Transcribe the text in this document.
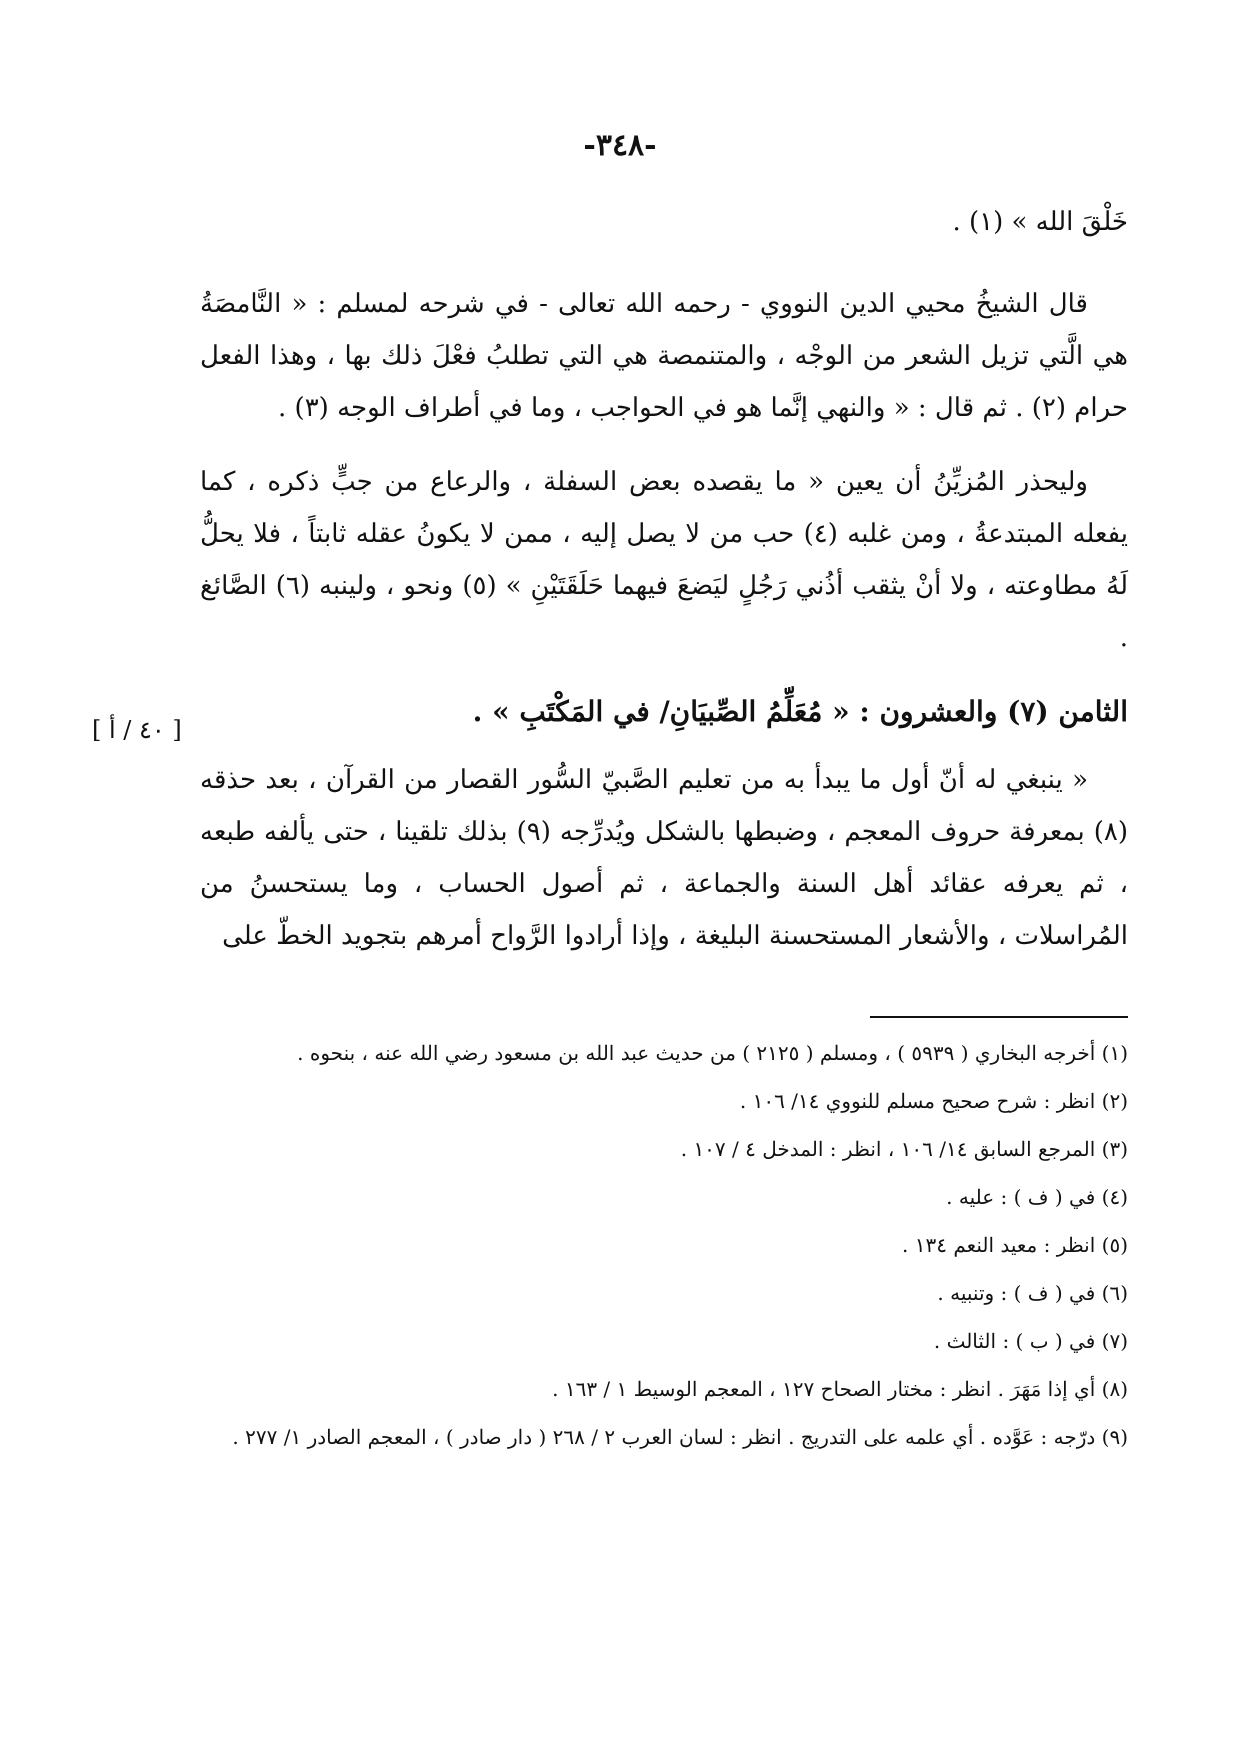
-٣٤٨-
[ ٤٠ / أ ]

خَلْقَ الله » (١) .

قال الشيخُ محيي الدين النووي - رحمه الله تعالى - في شرحه لمسلم : « النَّامصَةُ هي الَّتي تزيل الشعر من الوجْه ، والمتنمصة هي التي تطلبُ فعْلَ ذلك بها ، وهذا الفعل حرام (٢) . ثم قال : « والنهي إنَّما هو في الحواجب ، وما في أطراف الوجه (٣) .

وليحذر المُزيِّنُ أن يعين « ما يقصده بعض السفلة ، والرعاع من جبٍّ ذكره ، كما يفعله المبتدعةُ ، ومن غلبه (٤) حب من لا يصل إليه ، ممن لا يكونُ عقله ثابتاً ، فلا يحلُّ لَهُ مطاوعته ، ولا أنْ يثقب أذُني رَجُلٍ ليَضعَ فيهما حَلَقَتَيْنِ » (٥) ونحو ، ولينبه (٦) الصَّائغ .

الثامن (٧) والعشرون : « مُعَلِّمُ الصِّبيَانِ/ في المَكْتَبِ » .

« ينبغي له أنّ أول ما يبدأ به من تعليم الصَّبيّ السُّور القصار من القرآن ، بعد حذقه (٨) بمعرفة حروف المعجم ، وضبطها بالشكل ويُدرِّجه (٩) بذلك تلقينا ، حتى يألفه طبعه ، ثم يعرفه عقائد أهل السنة والجماعة ، ثم أصول الحساب ، وما يستحسنُ من المُراسلات ، والأشعار المستحسنة البليغة ، وإذا أرادوا الرَّواح أمرهم بتجويد الخطّ على

(١) أخرجه البخاري ( ٥٩٣٩ ) ، ومسلم ( ٢١٢٥ ) من حديث عبد الله بن مسعود رضي الله عنه ، بنحوه .

(٢) انظر : شرح صحيح مسلم للنووي ١٤/ ١٠٦ .

(٣) المرجع السابق ١٤/ ١٠٦ ، انظر : المدخل ٤ / ١٠٧ .

(٤) في ( ف ) : عليه .

(٥) انظر : معيد النعم ١٣٤ .

(٦) في ( ف ) : وتنبيه .

(٧) في ( ب ) : الثالث .

(٨) أي إذا مَهَرَ . انظر : مختار الصحاح ١٢٧ ، المعجم الوسيط ١ / ١٦٣ .

(٩) درّجه : عَوَّده . أي علمه على التدريج . انظر : لسان العرب ٢ / ٢٦٨ ( دار صادر ) ، المعجم الصادر ١/ ٢٧٧ .
